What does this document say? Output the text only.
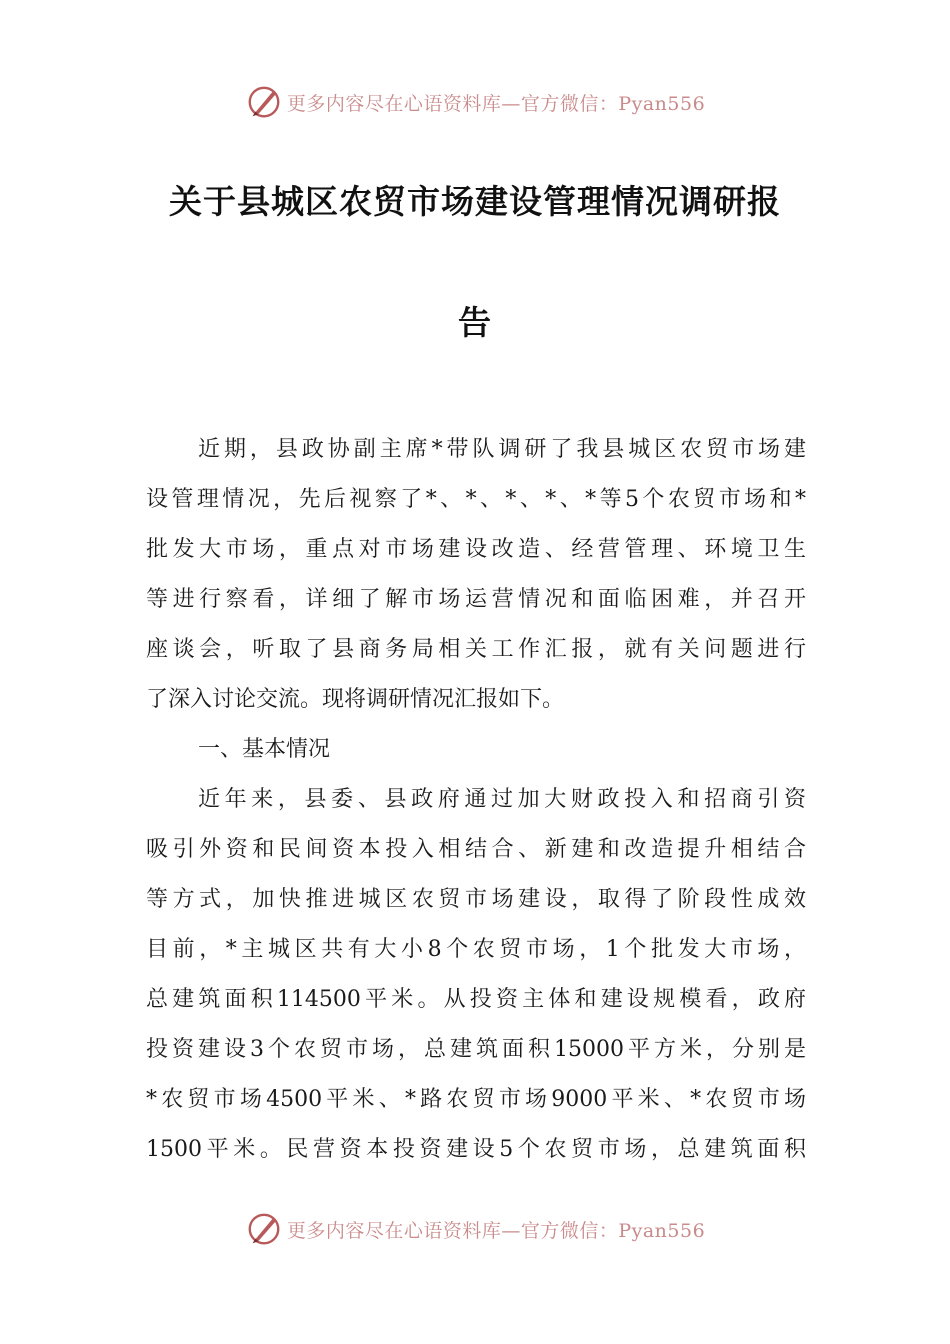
更多内容尽在心语资料库—官方微信：Pyan556
关于县城区农贸市场建设管理情况调研报
告
近期，县政协副主席*带队调研了我县城区农贸市场建
设管理情况，先后视察了*、*、*、*、*等5个农贸市场和*
批发大市场，重点对市场建设改造、经营管理、环境卫生
等进行察看，详细了解市场运营情况和面临困难，并召开
座谈会，听取了县商务局相关工作汇报，就有关问题进行
了深入讨论交流。现将调研情况汇报如下。
一、基本情况
近年来，县委、县政府通过加大财政投入和招商引资
吸引外资和民间资本投入相结合、新建和改造提升相结合
等方式，加快推进城区农贸市场建设，取得了阶段性成效
目前，*主城区共有大小8个农贸市场，1个批发大市场，
总建筑面积114500平米。从投资主体和建设规模看，政府
投资建设3个农贸市场，总建筑面积15000平方米，分别是
*农贸市场4500平米、*路农贸市场9000平米、*农贸市场
1500平米。民营资本投资建设5个农贸市场，总建筑面积
更多内容尽在心语资料库—官方微信：Pyan556
